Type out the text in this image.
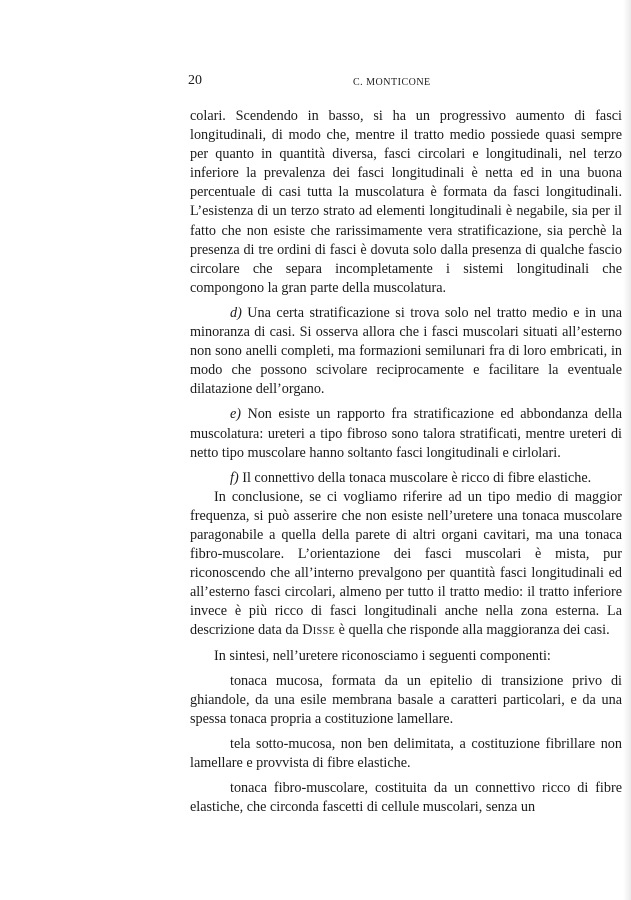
20	C. MONTICONE

colari. Scendendo in basso, si ha un progressivo aumento di fasci longitudinali, di modo che, mentre il tratto medio possiede quasi sempre per quanto in quantità diversa, fasci circolari e longitudinali, nel terzo inferiore la prevalenza dei fasci longitudinali è netta ed in una buona percentuale di casi tutta la muscolatura è formata da fasci longitudinali. L’esistenza di un terzo strato ad elementi longitudinali è negabile, sia per il fatto che non esiste che rarissimamente vera stratificazione, sia perchè la presenza di tre ordini di fasci è dovuta solo dalla presenza di qualche fascio circolare che separa incompletamente i sistemi longitudinali che compongono la gran parte della muscolatura.

d) Una certa stratificazione si trova solo nel tratto medio e in una minoranza di casi. Si osserva allora che i fasci muscolari situati all’esterno non sono anelli completi, ma formazioni semilunari fra di loro embricati, in modo che possono scivolare reciprocamente e facilitare la eventuale dilatazione dell’organo.

e) Non esiste un rapporto fra stratificazione ed abbondanza della muscolatura: ureteri a tipo fibroso sono talora stratificati, mentre ureteri di netto tipo muscolare hanno soltanto fasci longitudinali e cirlolari.

f) Il connettivo della tonaca muscolare è ricco di fibre elastiche.

In conclusione, se ci vogliamo riferire ad un tipo medio di maggior frequenza, si può asserire che non esiste nell’uretere una tonaca muscolare paragonabile a quella della parete di altri organi cavitari, ma una tonaca fibro-muscolare. L’orientazione dei fasci muscolari è mista, pur riconoscendo che all’interno prevalgono per quantità fasci longitudinali ed all’esterno fasci circolari, almeno per tutto il tratto medio: il tratto inferiore invece è più ricco di fasci longitudinali anche nella zona esterna. La descrizione data da Disse è quella che risponde alla maggioranza dei casi.

In sintesi, nell’uretere riconosciamo i seguenti componenti:

tonaca mucosa, formata da un epitelio di transizione privo di ghiandole, da una esile membrana basale a caratteri particolari, e da una spessa tonaca propria a costituzione lamellare.

tela sotto-mucosa, non ben delimitata, a costituzione fibrillare non lamellare e provvista di fibre elastiche.

tonaca fibro-muscolare, costituita da un connettivo ricco di fibre elastiche, che circonda fascetti di cellule muscolari, senza un
